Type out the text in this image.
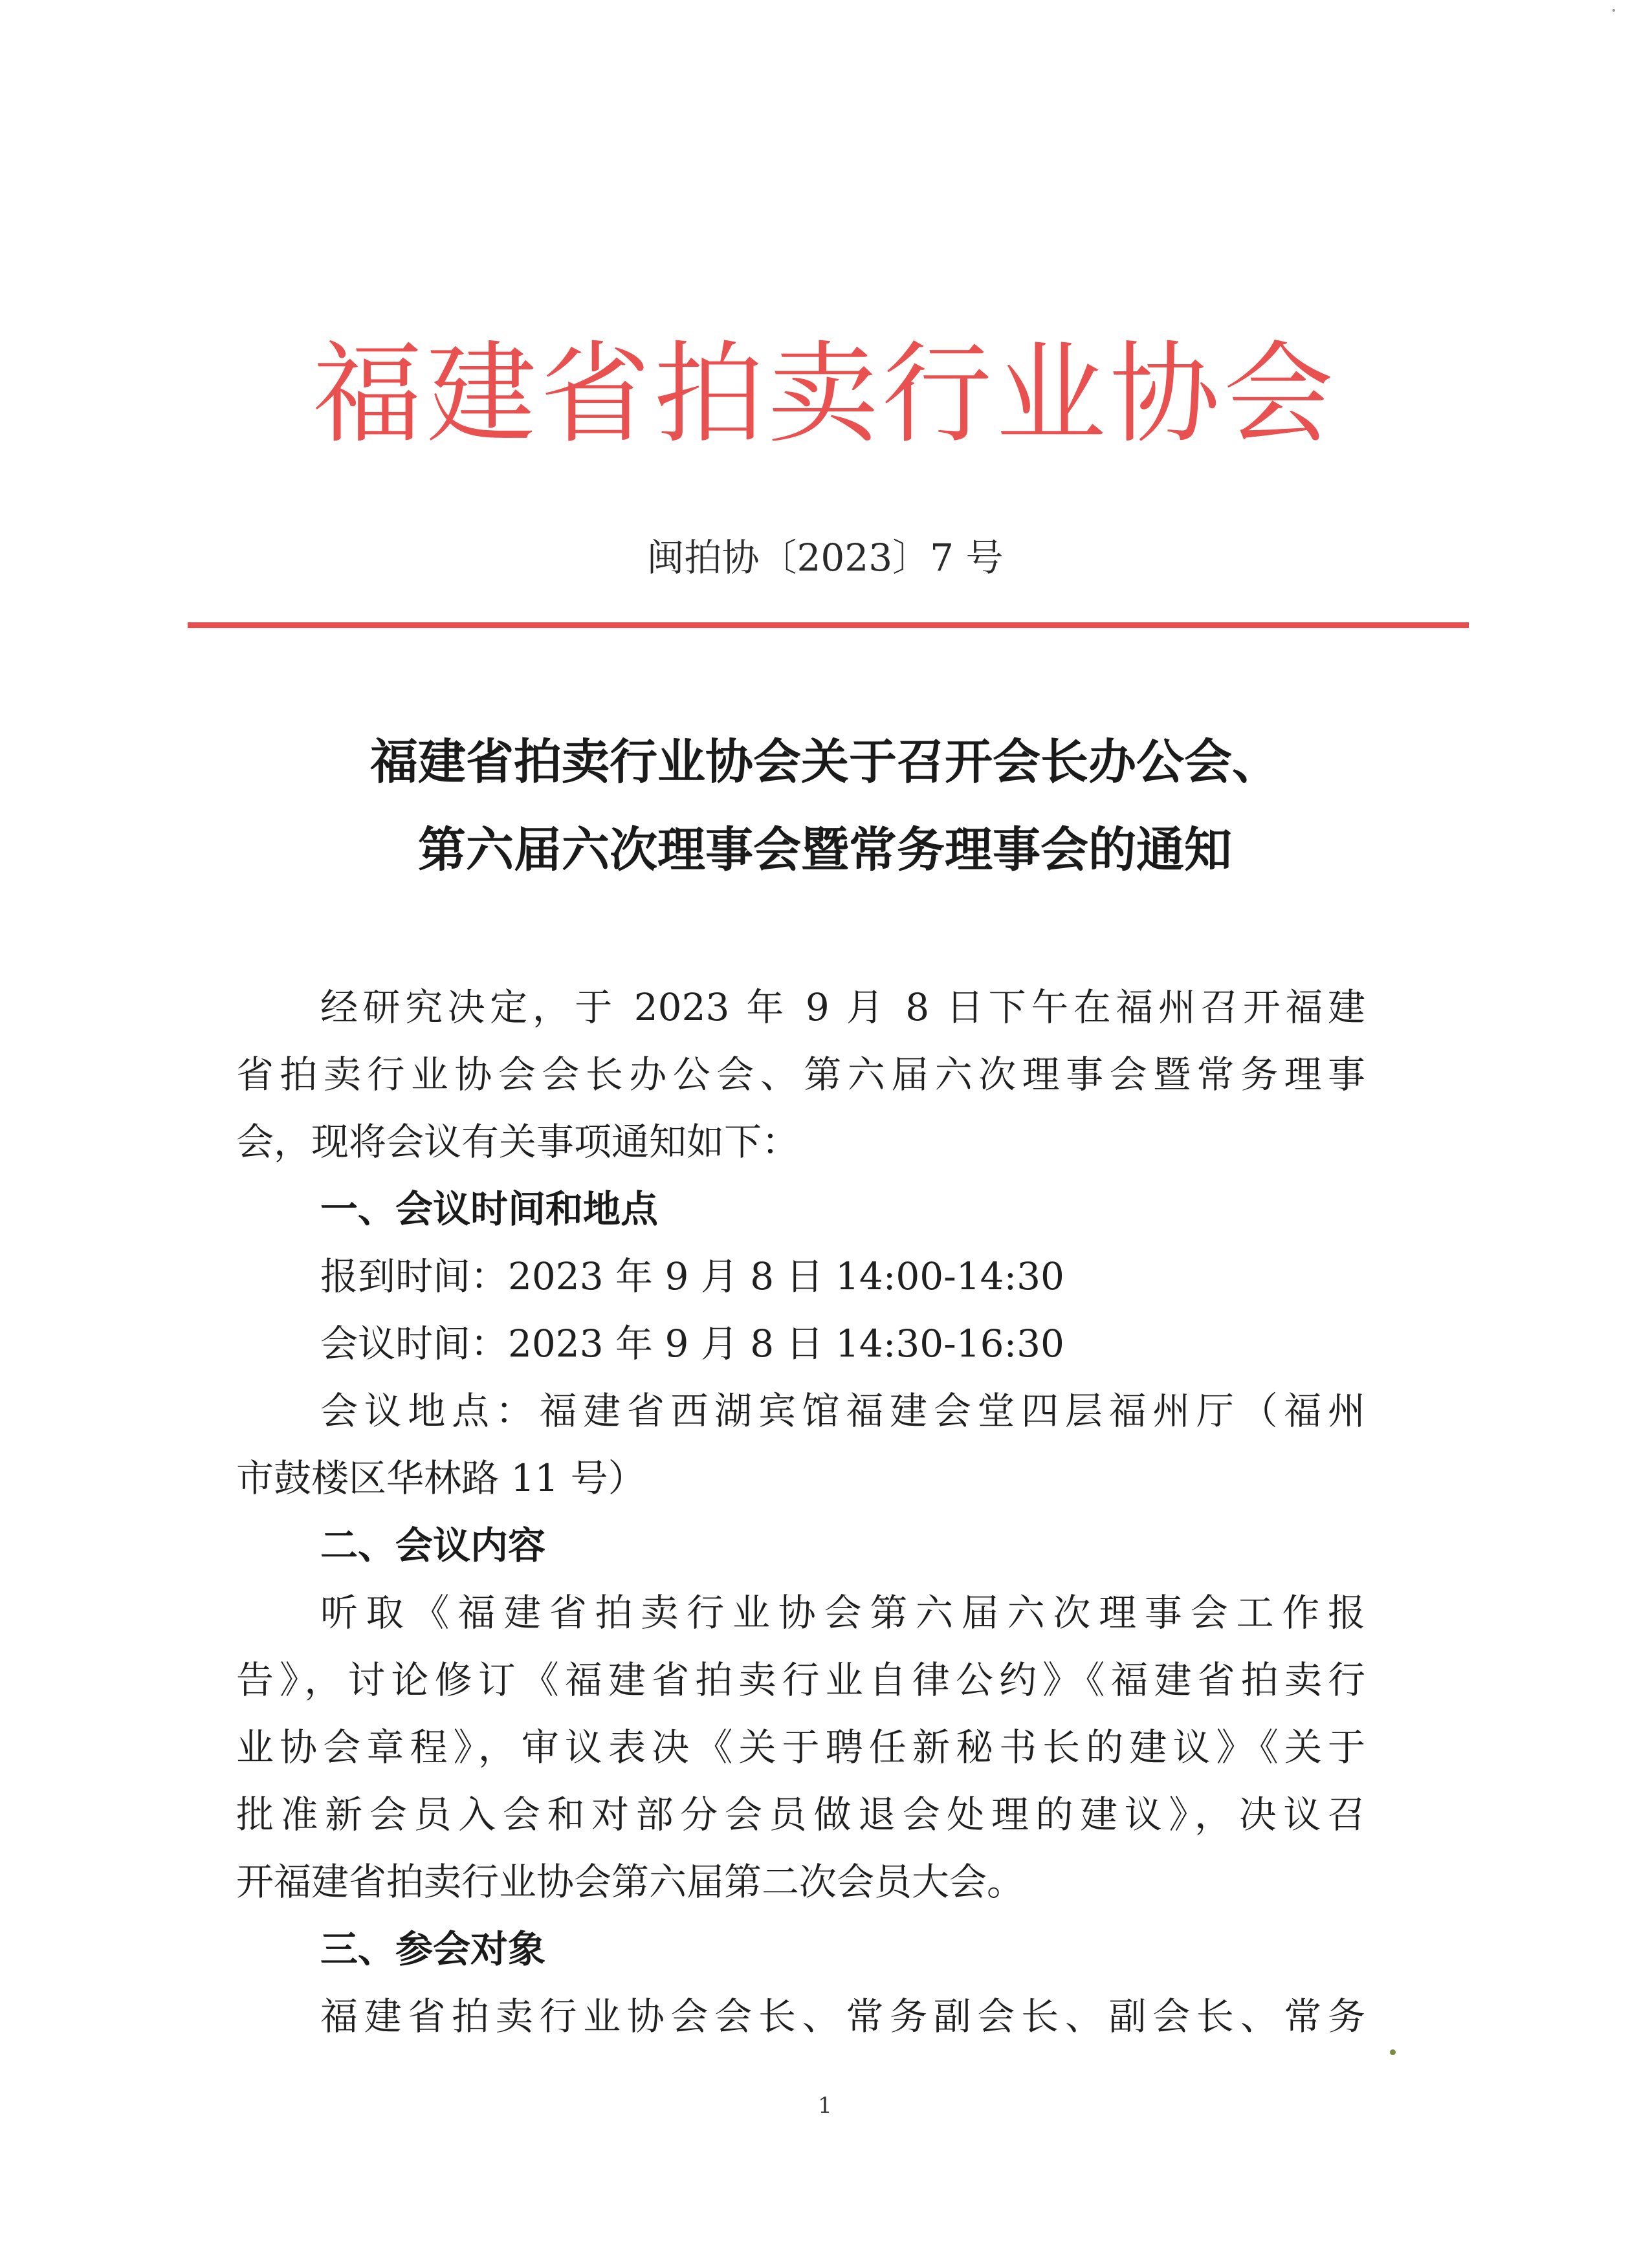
福建省拍卖行业协会
闽拍协〔2023〕7 号
福建省拍卖行业协会关于召开会长办公会、
第六届六次理事会暨常务理事会的通知
经研究决定，于 2023 年 9 月 8 日下午在福州召开福建
省拍卖行业协会会长办公会、第六届六次理事会暨常务理事
会，现将会议有关事项通知如下：
一、会议时间和地点
报到时间：2023 年 9 月 8 日 14:00-14:30
会议时间：2023 年 9 月 8 日 14:30-16:30
会议地点：福建省西湖宾馆福建会堂四层福州厅（福州
市鼓楼区华林路 11 号）
二、会议内容
听取《福建省拍卖行业协会第六届六次理事会工作报
告》，讨论修订《福建省拍卖行业自律公约》《福建省拍卖行
业协会章程》，审议表决《关于聘任新秘书长的建议》《关于
批准新会员入会和对部分会员做退会处理的建议》，决议召
开福建省拍卖行业协会第六届第二次会员大会。
三、参会对象
福建省拍卖行业协会会长、常务副会长、副会长、常务
1
